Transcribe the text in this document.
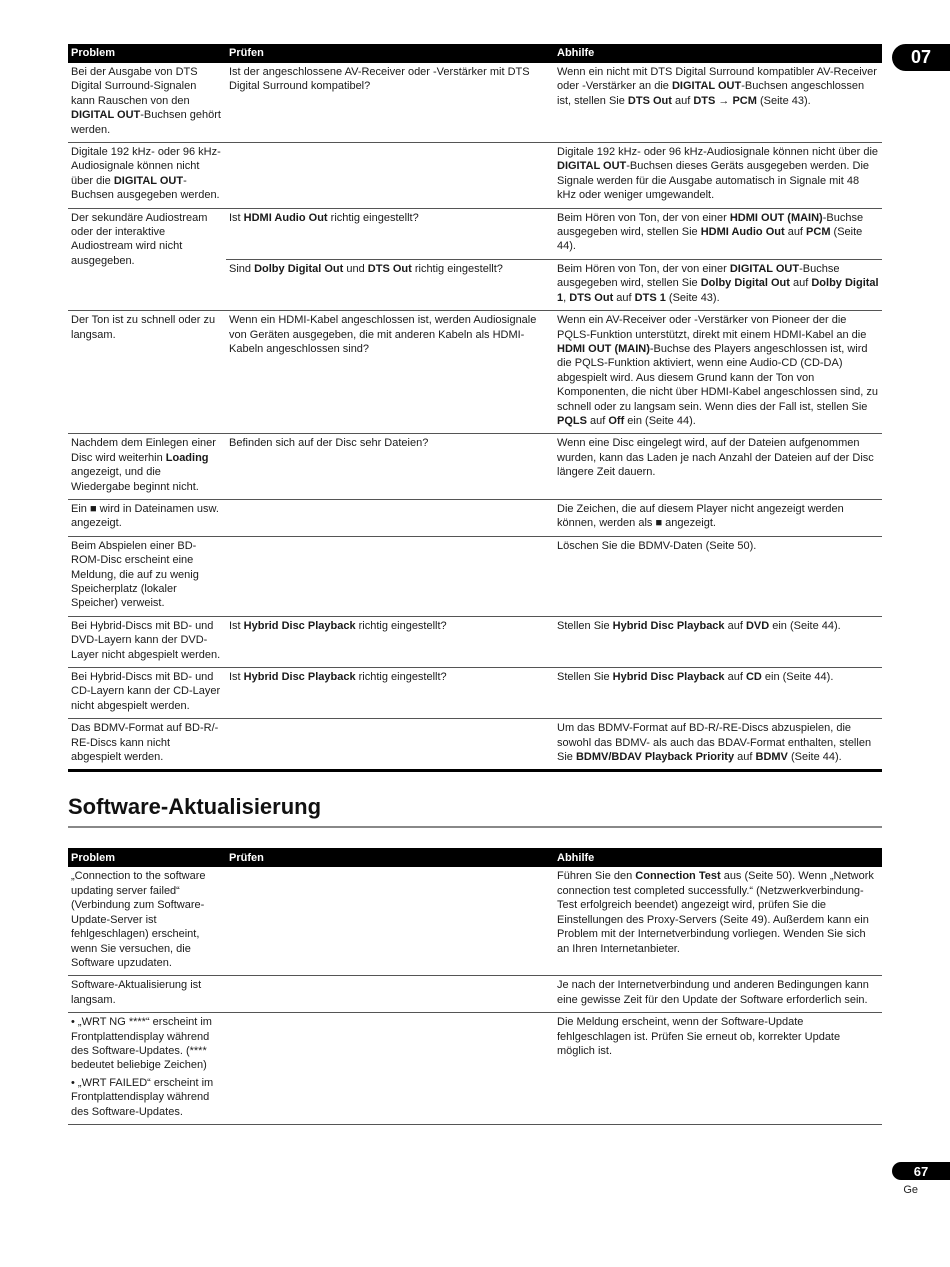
07
Problem	Prüfen	Abhilfe
Bei der Ausgabe von DTS Digital Surround-Signalen kann Rauschen von den DIGITAL OUT-Buchsen gehört werden.	Ist der angeschlossene AV-Receiver oder -Verstärker mit DTS Digital Surround kompatibel?	Wenn ein nicht mit DTS Digital Surround kompatibler AV-Receiver oder -Verstärker an die DIGITAL OUT-Buchsen angeschlossen ist, stellen Sie DTS Out auf DTS → PCM (Seite 43).
Digitale 192 kHz- oder 96 kHz-Audiosignale können nicht über die DIGITAL OUT-Buchsen ausgegeben werden.		Digitale 192 kHz- oder 96 kHz-Audiosignale können nicht über die DIGITAL OUT-Buchsen dieses Geräts ausgegeben werden. Die Signale werden für die Ausgabe automatisch in Signale mit 48 kHz oder weniger umgewandelt.
Der sekundäre Audiostream oder der interaktive Audiostream wird nicht ausgegeben.	Ist HDMI Audio Out richtig eingestellt?	Beim Hören von Ton, der von einer HDMI OUT (MAIN)-Buchse ausgegeben wird, stellen Sie HDMI Audio Out auf PCM (Seite 44).
	Sind Dolby Digital Out und DTS Out richtig eingestellt?	Beim Hören von Ton, der von einer DIGITAL OUT-Buchse ausgegeben wird, stellen Sie Dolby Digital Out auf Dolby Digital 1, DTS Out auf DTS 1 (Seite 43).
Der Ton ist zu schnell oder zu langsam.	Wenn ein HDMI-Kabel angeschlossen ist, werden Audiosignale von Geräten ausgegeben, die mit anderen Kabeln als HDMI-Kabeln angeschlossen sind?	Wenn ein AV-Receiver oder -Verstärker von Pioneer der die PQLS-Funktion unterstützt, direkt mit einem HDMI-Kabel an die HDMI OUT (MAIN)-Buchse des Players angeschlossen ist, wird die PQLS-Funktion aktiviert, wenn eine Audio-CD (CD-DA) abgespielt wird. Aus diesem Grund kann der Ton von Komponenten, die nicht über HDMI-Kabel angeschlossen sind, zu schnell oder zu langsam sein. Wenn dies der Fall ist, stellen Sie PQLS auf Off ein (Seite 44).
Nachdem dem Einlegen einer Disc wird weiterhin Loading angezeigt, und die Wiedergabe beginnt nicht.	Befinden sich auf der Disc sehr Dateien?	Wenn eine Disc eingelegt wird, auf der Dateien aufgenommen wurden, kann das Laden je nach Anzahl der Dateien auf der Disc längere Zeit dauern.
Ein ■ wird in Dateinamen usw. angezeigt.		Die Zeichen, die auf diesem Player nicht angezeigt werden können, werden als ■ angezeigt.
Beim Abspielen einer BD-ROM-Disc erscheint eine Meldung, die auf zu wenig Speicherplatz (lokaler Speicher) verweist.		Löschen Sie die BDMV-Daten (Seite 50).
Bei Hybrid-Discs mit BD- und DVD-Layern kann der DVD-Layer nicht abgespielt werden.	Ist Hybrid Disc Playback richtig eingestellt?	Stellen Sie Hybrid Disc Playback auf DVD ein (Seite 44).
Bei Hybrid-Discs mit BD- und CD-Layern kann der CD-Layer nicht abgespielt werden.	Ist Hybrid Disc Playback richtig eingestellt?	Stellen Sie Hybrid Disc Playback auf CD ein (Seite 44).
Das BDMV-Format auf BD-R/-RE-Discs kann nicht abgespielt werden.		Um das BDMV-Format auf BD-R/-RE-Discs abzuspielen, die sowohl das BDMV- als auch das BDAV-Format enthalten, stellen Sie BDMV/BDAV Playback Priority auf BDMV (Seite 44).
Software-Aktualisierung
Problem	Prüfen	Abhilfe
„Connection to the software updating server failed“ (Verbindung zum Software-Update-Server ist fehlgeschlagen) erscheint, wenn Sie versuchen, die Software upzudaten.		Führen Sie den Connection Test aus (Seite 50). Wenn „Network connection test completed successfully.“ (Netzwerkverbindung-Test erfolgreich beendet) angezeigt wird, prüfen Sie die Einstellungen des Proxy-Servers (Seite 49). Außerdem kann ein Problem mit der Internetverbindung vorliegen. Wenden Sie sich an Ihren Internetanbieter.
Software-Aktualisierung ist langsam.		Je nach der Internetverbindung und anderen Bedingungen kann eine gewisse Zeit für den Update der Software erforderlich sein.

• „WRT NG ****“ erscheint im Frontplattendisplay während des Software-Updates. (**** bedeutet beliebige Zeichen)

• „WRT FAILED“ erscheint im Frontplattendisplay während des Software-Updates.		Die Meldung erscheint, wenn der Software-Update fehlgeschlagen ist. Prüfen Sie erneut ob, korrekter Update möglich ist.
67
Ge
